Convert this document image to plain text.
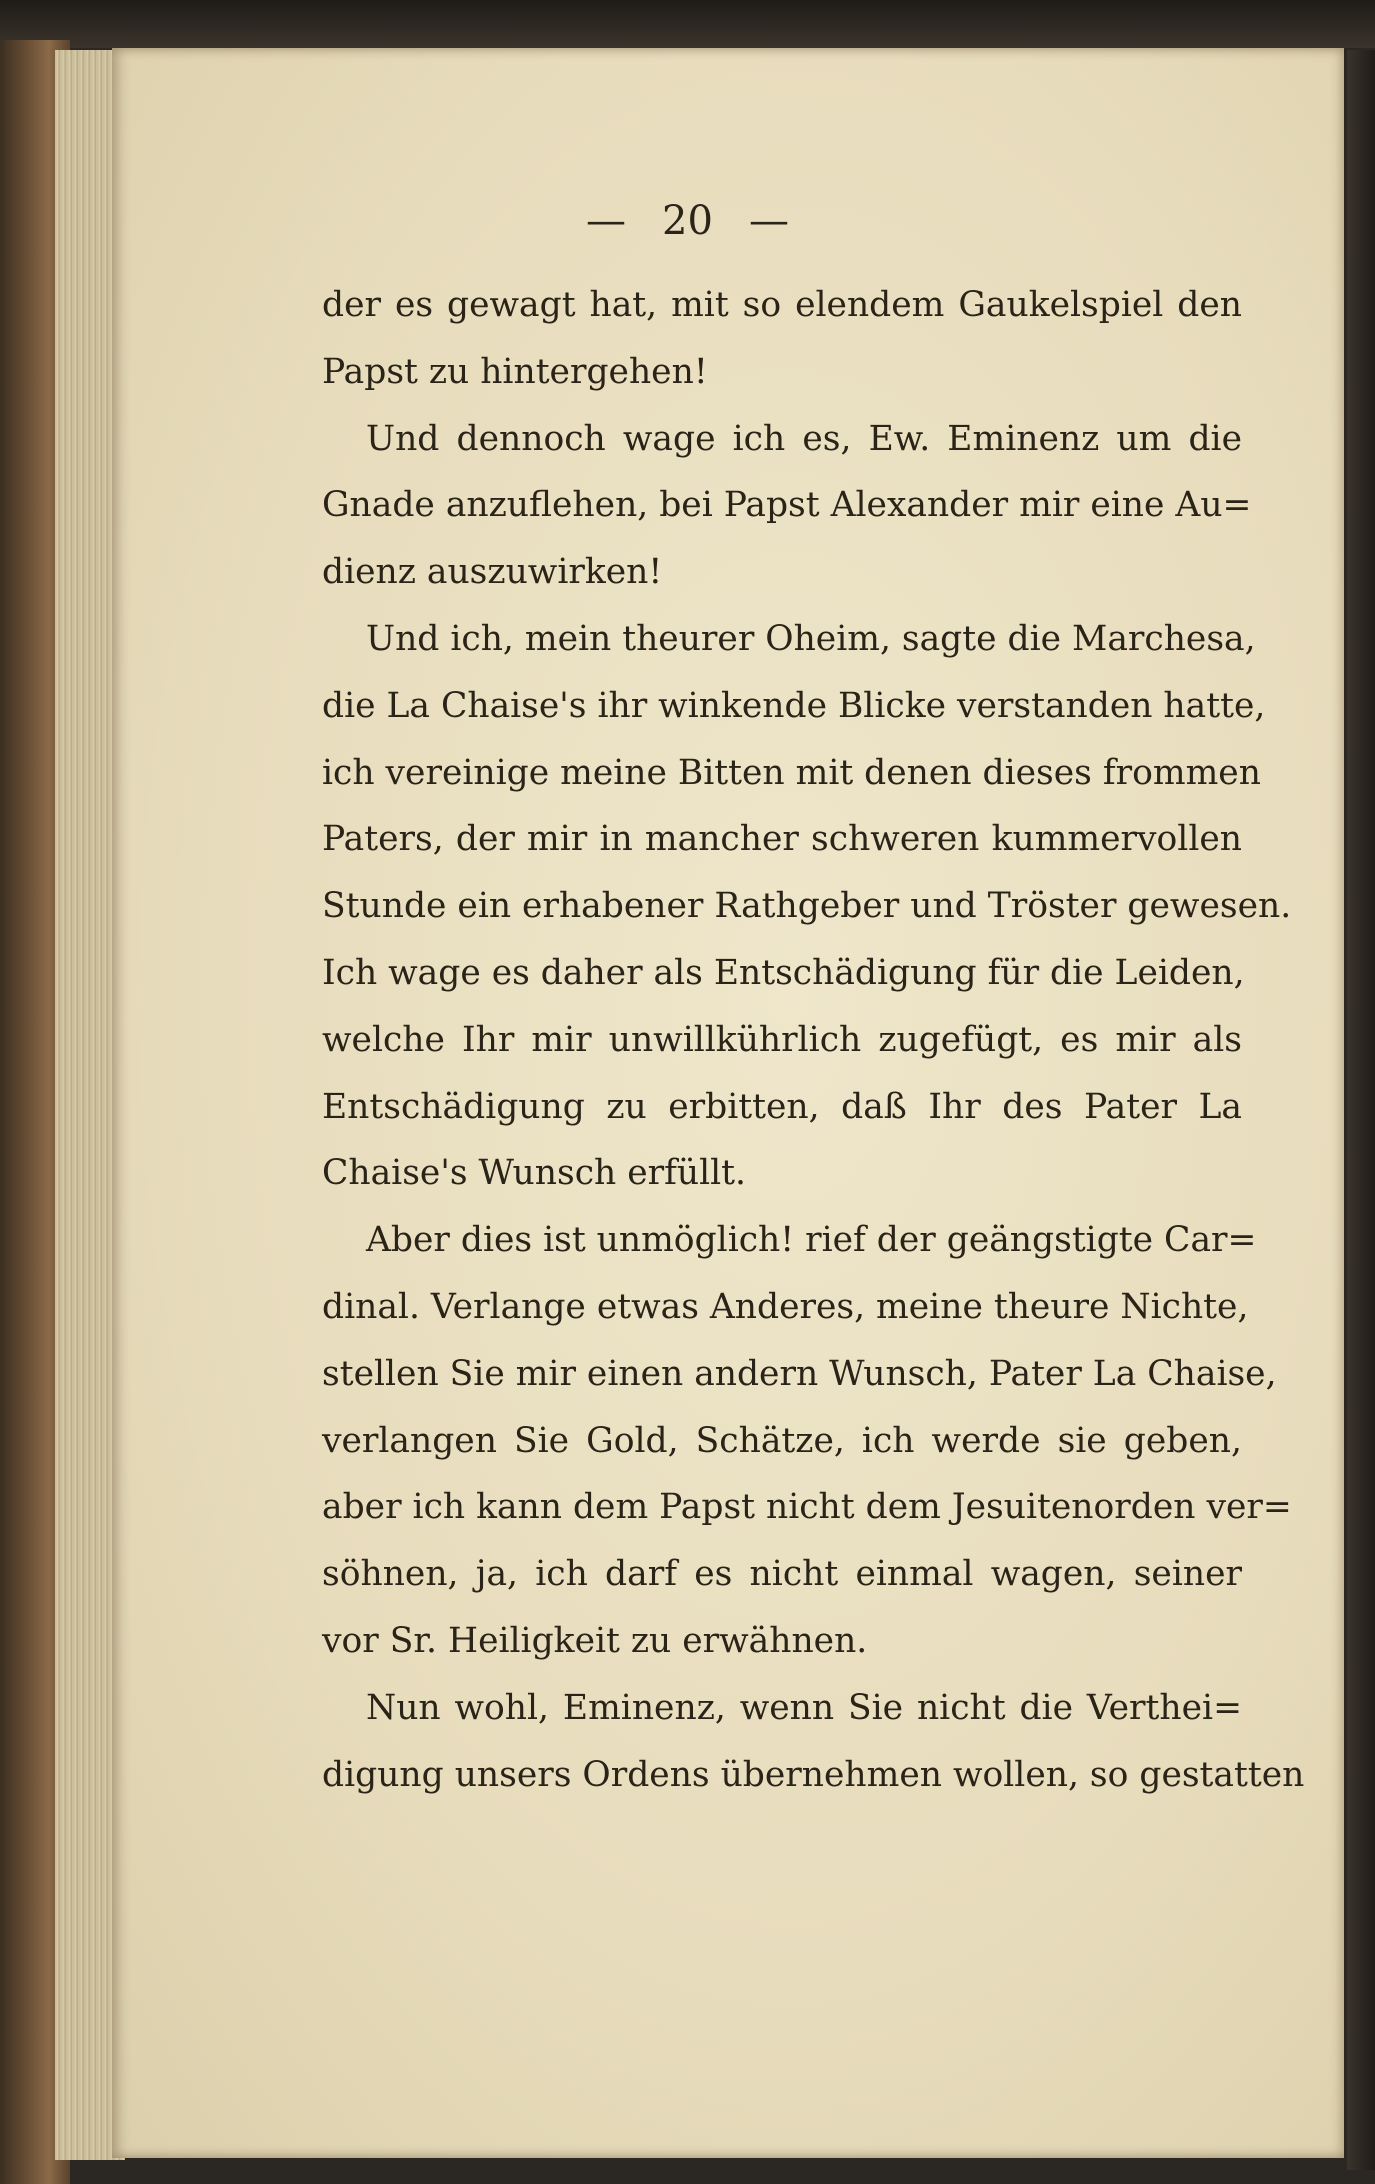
— 20 —
der es gewagt hat, mit so elendem Gaukelspiel den
Papst zu hintergehen!
Und dennoch wage ich es, Ew. Eminenz um die
Gnade anzuflehen, bei Papst Alexander mir eine Au=
dienz auszuwirken!
Und ich, mein theurer Oheim, sagte die Marchesa,
die La Chaise's ihr winkende Blicke verstanden hatte,
ich vereinige meine Bitten mit denen dieses frommen
Paters, der mir in mancher schweren kummervollen
Stunde ein erhabener Rathgeber und Tröster gewesen.
Ich wage es daher als Entschädigung für die Leiden,
welche Ihr mir unwillkührlich zugefügt, es mir als
Entschädigung zu erbitten, daß Ihr des Pater La
Chaise's Wunsch erfüllt.
Aber dies ist unmöglich! rief der geängstigte Car=
dinal. Verlange etwas Anderes, meine theure Nichte,
stellen Sie mir einen andern Wunsch, Pater La Chaise,
verlangen Sie Gold, Schätze, ich werde sie geben,
aber ich kann dem Papst nicht dem Jesuitenorden ver=
söhnen, ja, ich darf es nicht einmal wagen, seiner
vor Sr. Heiligkeit zu erwähnen.
Nun wohl, Eminenz, wenn Sie nicht die Verthei=
digung unsers Ordens übernehmen wollen, so gestatten
